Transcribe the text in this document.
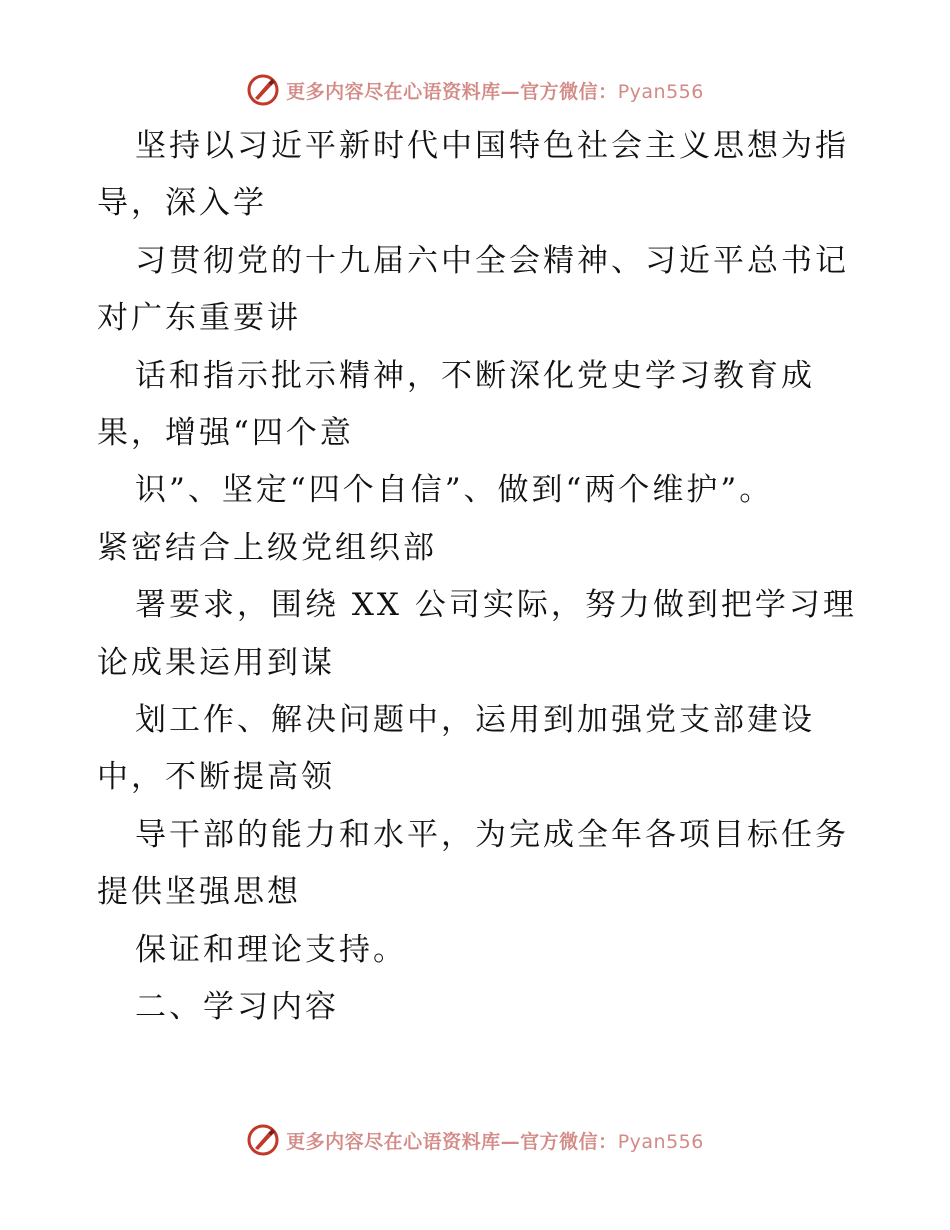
更多内容尽在心语资料库—官方微信：Pyan556

坚持以习近平新时代中国特色社会主义思想为指

导，深入学

习贯彻党的十九届六中全会精神、习近平总书记

对广东重要讲

话和指示批示精神，不断深化党史学习教育成

果，增强“四个意

识”、坚定“四个自信”、做到“两个维护”。

紧密结合上级党组织部

署要求，围绕 XX 公司实际，努力做到把学习理

论成果运用到谋

划工作、解决问题中，运用到加强党支部建设

中，不断提高领

导干部的能力和水平，为完成全年各项目标任务

提供坚强思想

保证和理论支持。

二、学习内容

更多内容尽在心语资料库—官方微信：Pyan556
